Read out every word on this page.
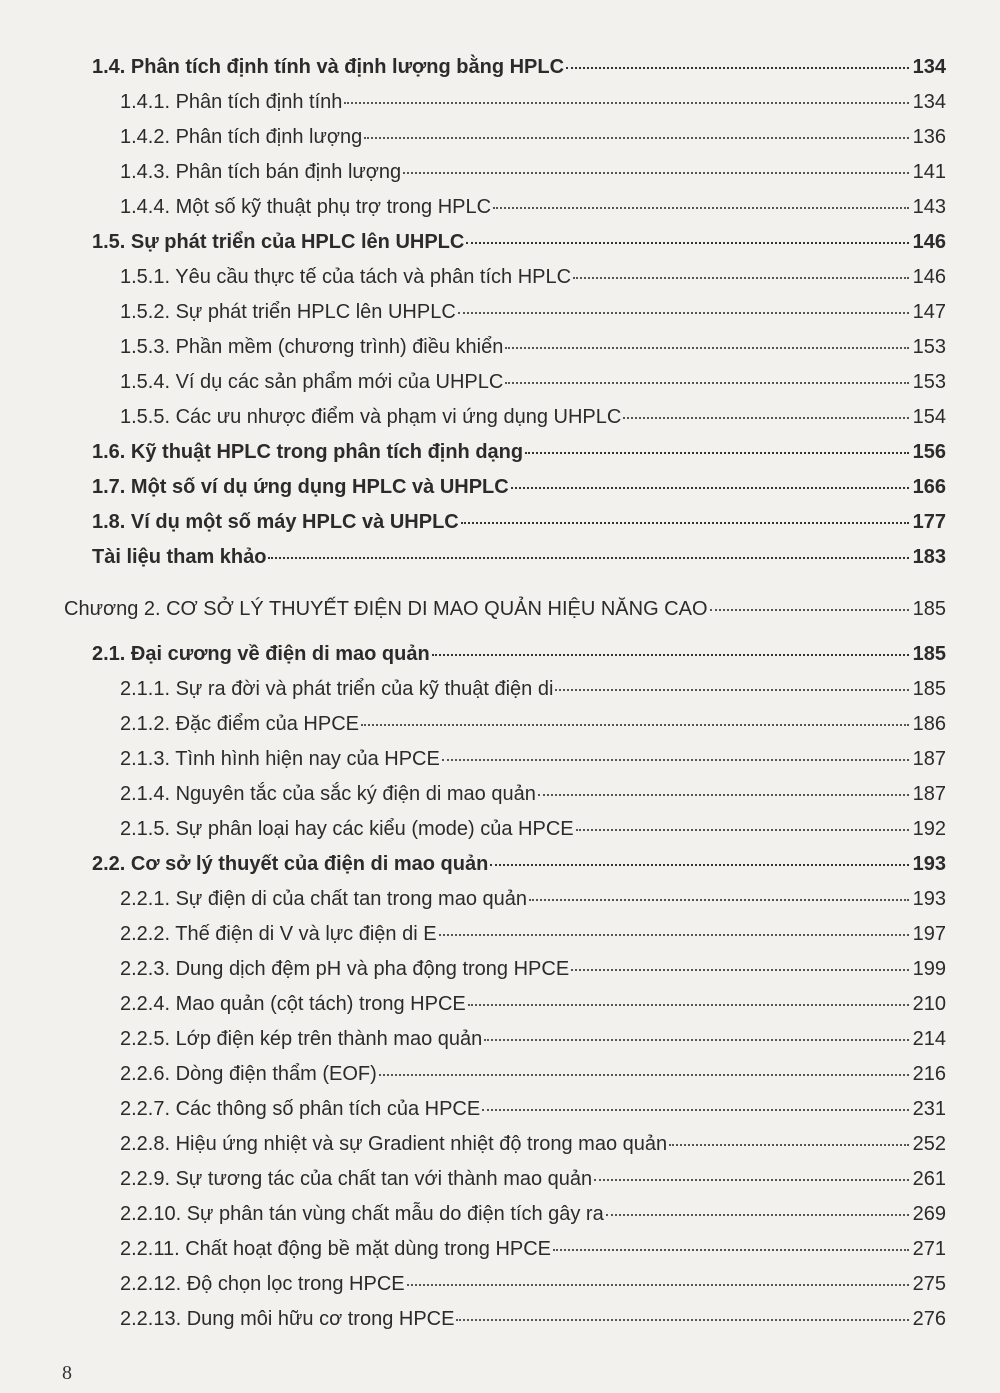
1.4. Phân tích định tính và định lượng bằng HPLC	134
1.4.1. Phân tích định tính	134
1.4.2. Phân tích định lượng	136
1.4.3. Phân tích bán định lượng	141
1.4.4. Một số kỹ thuật phụ trợ trong HPLC	143
1.5. Sự phát triển của HPLC lên UHPLC	146
1.5.1. Yêu cầu thực tế của tách và phân tích HPLC	146
1.5.2. Sự phát triển HPLC lên UHPLC	147
1.5.3. Phần mềm (chương trình) điều khiển	153
1.5.4. Ví dụ các sản phẩm mới của UHPLC	153
1.5.5. Các ưu nhược điểm và phạm vi ứng dụng UHPLC	154
1.6. Kỹ thuật HPLC trong phân tích định dạng	156
1.7. Một số ví dụ ứng dụng HPLC và UHPLC	166
1.8. Ví dụ một số máy HPLC và UHPLC	177
Tài liệu tham khảo	183
Chương 2. CƠ SỞ LÝ THUYẾT ĐIỆN DI MAO QUẢN HIỆU NĂNG CAO	185
2.1. Đại cương về điện di mao quản	185
2.1.1. Sự ra đời và phát triển của kỹ thuật điện di	185
2.1.2. Đặc điểm của HPCE	186
2.1.3. Tình hình hiện nay của HPCE	187
2.1.4. Nguyên tắc của sắc ký điện di mao quản	187
2.1.5. Sự phân loại hay các kiểu (mode) của HPCE	192
2.2. Cơ sở lý thuyết của điện di mao quản	193
2.2.1. Sự điện di của chất tan trong mao quản	193
2.2.2. Thế điện di V và lực điện di E	197
2.2.3. Dung dịch đệm pH và pha động trong HPCE	199
2.2.4. Mao quản (cột tách) trong HPCE	210
2.2.5. Lớp điện kép trên thành mao quản	214
2.2.6. Dòng điện thẩm (EOF)	216
2.2.7. Các thông số phân tích của HPCE	231
2.2.8. Hiệu ứng nhiệt và sự Gradient nhiệt độ trong mao quản	252
2.2.9. Sự tương tác của chất tan với thành mao quản	261
2.2.10. Sự phân tán vùng chất mẫu do điện tích gây ra	269
2.2.11. Chất hoạt động bề mặt dùng trong HPCE	271
2.2.12. Độ chọn lọc trong HPCE	275
2.2.13. Dung môi hữu cơ trong HPCE	276
8
